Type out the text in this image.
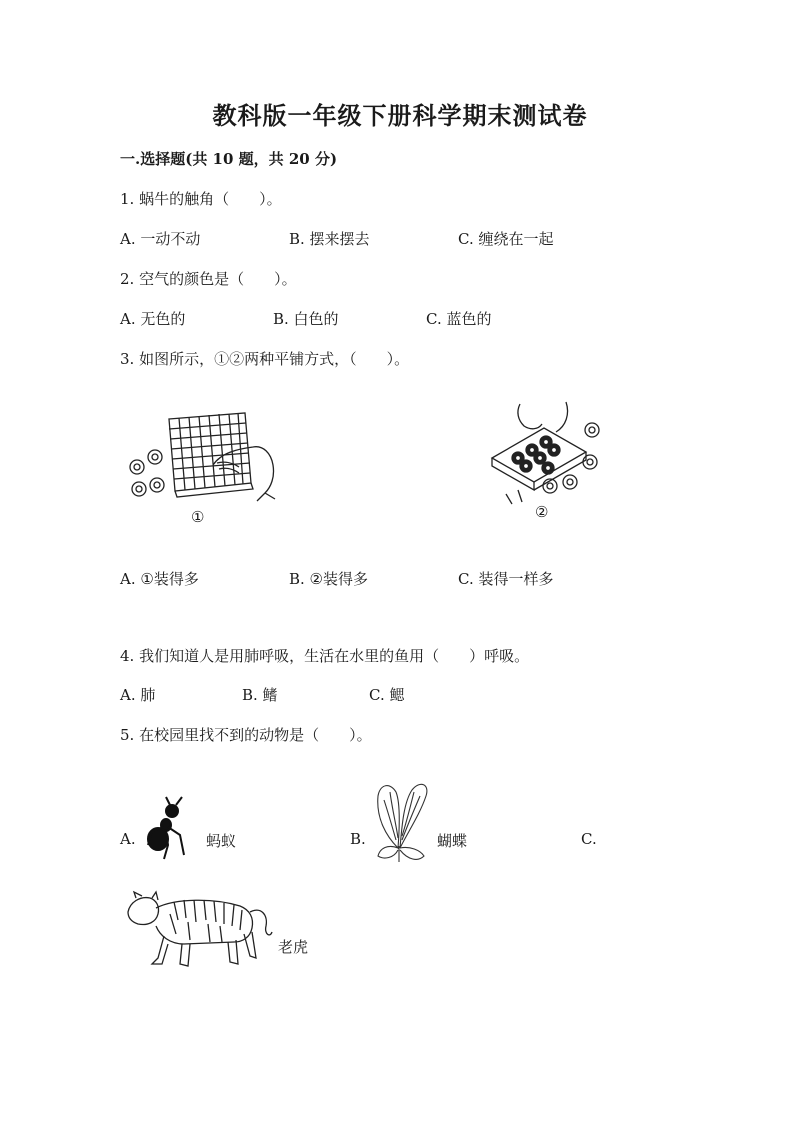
教科版一年级下册科学期末测试卷
一.选择题(共 10 题，共 20 分)
1. 蜗牛的触角（　　）。
A. 一动不动	B. 摆来摆去	C. 缠绕在一起
2. 空气的颜色是（　　）。
A. 无色的	B. 白色的	C. 蓝色的
3. 如图所示，①②两种平铺方式，（　　）。
①	②
A. ①装得多	B. ②装得多	C. 装得一样多
4. 我们知道人是用肺呼吸，生活在水里的鱼用（　　）呼吸。
A. 肺	B. 鳍	C. 鳃
5. 在校园里找不到的动物是（　　）。
A.	蚂蚁	B.	蝴蝶	C.
老虎
